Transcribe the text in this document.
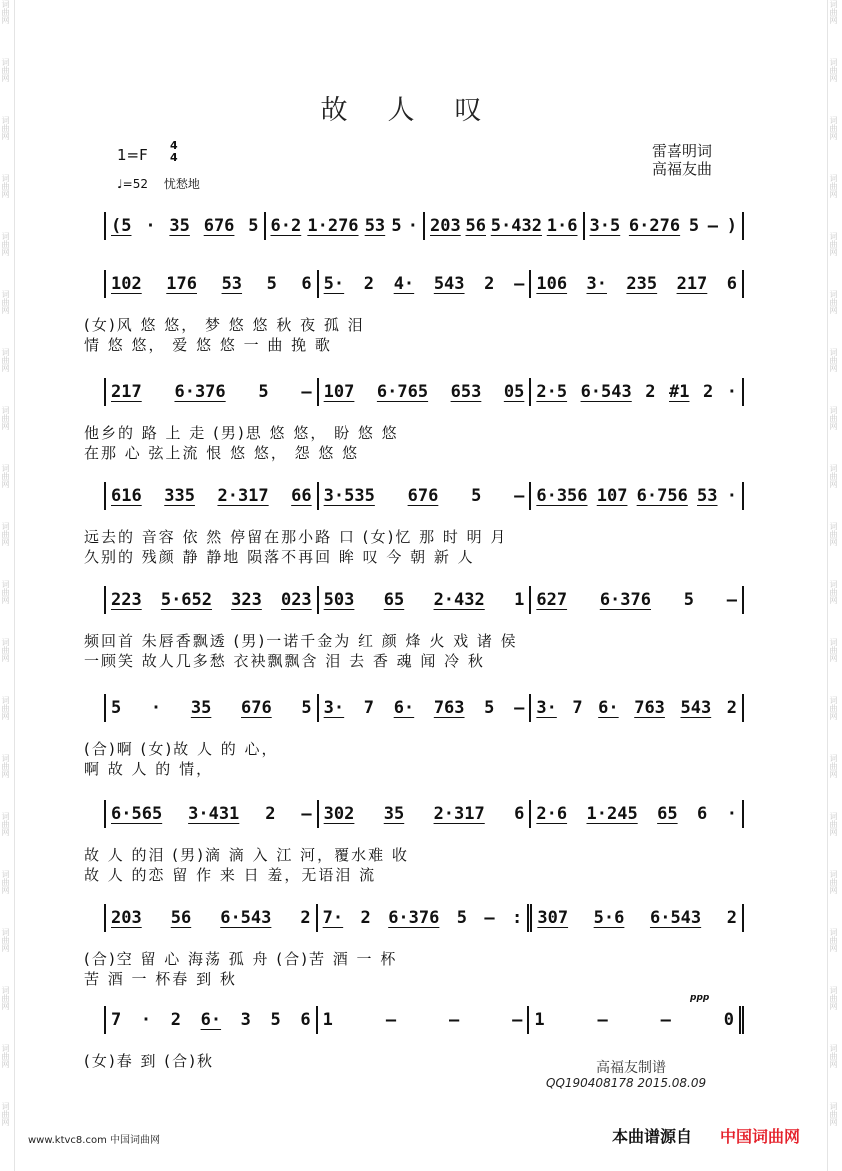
词曲网
词曲网
词曲网
词曲网
词曲网
词曲网
词曲网
词曲网
词曲网
词曲网
词曲网
词曲网
词曲网
词曲网
词曲网
词曲网
词曲网
词曲网
词曲网
词曲网
词曲网
词曲网
词曲网
词曲网
词曲网
词曲网
词曲网
词曲网
词曲网
词曲网
词曲网
词曲网
词曲网
词曲网
词曲网
词曲网
词曲网
词曲网
词曲网
词曲网
故人叹
1=F
4
4
♩=52 忧愁地
雷喜明词
高福友曲
(5 · 35 676 5 6·2 1·276 53 5 · 203 56 5·432 1·6 3·5 6·276 5 – )
102 176 53 5 6 5· 2 4· 543 2 – 106 3· 235 217 6
(女)风 悠 悠， 梦 悠 悠 秋 夜 孤 泪
情 悠 悠， 爱 悠 悠 一 曲 挽 歌
217 6·376 5 – 107 6·765 653 05 2·5 6·543 2 #1 2 ·
他乡的 路 上 走 (男)思 悠 悠， 盼 悠 悠
在那 心 弦上流 恨 悠 悠， 怨 悠 悠
616 335 2·317 66 3·535 676 5 – 6·356 107 6·756 53 ·
远去的 音容 依 然 停留在那小路 口 (女)忆 那 时 明 月
久别的 残颜 静 静地 陨落不再回 眸 叹 今 朝 新 人
223 5·652 323 023 503 65 2·432 1 627 6·376 5 –
频回首 朱唇香飘透 (男)一诺千金为 红 颜 烽 火 戏 诸 侯
一顾笑 故人几多愁 衣袂飘飘含 泪 去 香 魂 闻 冷 秋
5 · 35 676 5 3· 7 6· 763 5 – 3· 7 6· 763 543 2
(合)啊 (女)故 人 的 心，
啊 故 人 的 情，
6·565 3·431 2 – 302 35 2·317 6 2·6 1·245 65 6 ·
故 人 的泪 (男)滴 滴 入 江 河，覆水难 收
故 人 的恋 留 作 来 日 羞，无语泪 流
203 56 6·543 2 7· 2 6·376 5 – : 307 5·6 6·543 2
(合)空 留 心 海荡 孤 舟 (合)苦 酒 一 杯
苦 酒 一 杯春 到 秋
7 · 2 6· 3 5 6 1	–	–	– 1	–	–	0
(女)春 到 (合)秋
ppp
高福友制谱
QQ190408178 2015.08.09
www.ktvc8.com 中国词曲网	本曲谱源自 中国词曲网
